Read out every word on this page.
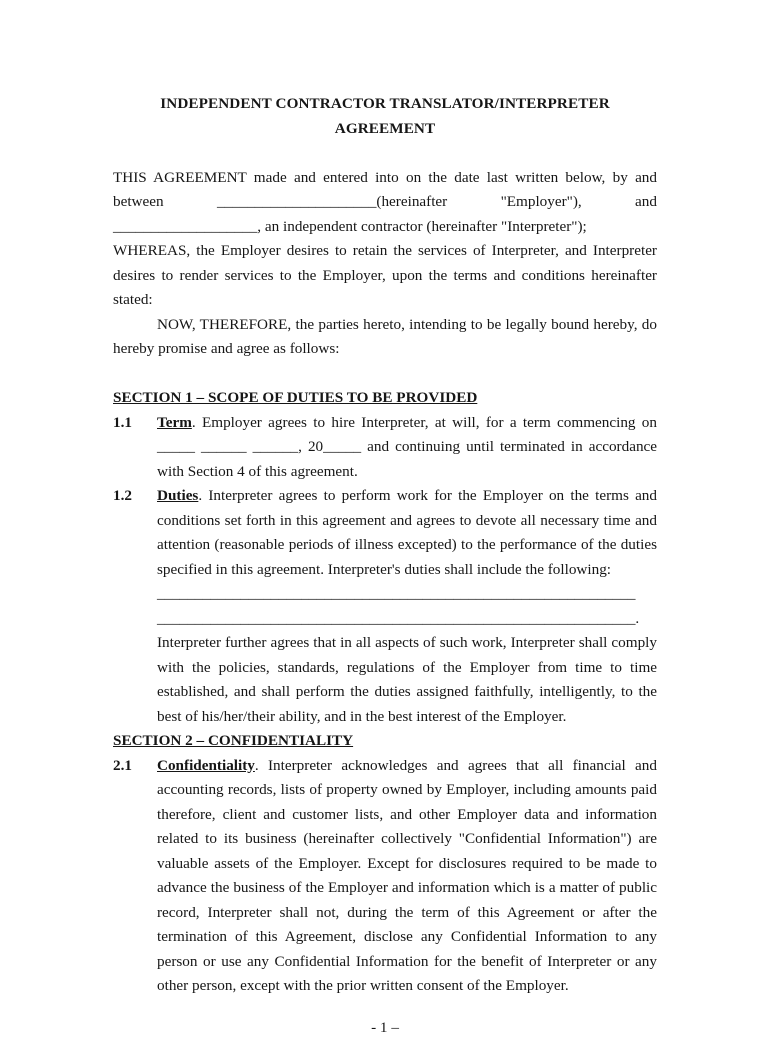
INDEPENDENT CONTRACTOR TRANSLATOR/INTERPRETER AGREEMENT

THIS AGREEMENT made and entered into on the date last written below, by and between _____________________(hereinafter "Employer"), and ___________________, an independent contractor (hereinafter "Interpreter");

WHEREAS, the Employer desires to retain the services of Interpreter, and Interpreter desires to render services to the Employer, upon the terms and conditions hereinafter stated:

NOW, THEREFORE, the parties hereto, intending to be legally bound hereby, do hereby promise and agree as follows:

SECTION 1 – SCOPE OF DUTIES TO BE PROVIDED
1.1 Term. Employer agrees to hire Interpreter, at will, for a term commencing on _____ ______ ______, 20_____ and continuing until terminated in accordance with Section 4 of this agreement.
1.2 Duties. Interpreter agrees to perform work for the Employer on the terms and conditions set forth in this agreement and agrees to devote all necessary time and attention (reasonable periods of illness excepted) to the performance of the duties specified in this agreement. Interpreter's duties shall include the following:
_______________________________________________________________
_______________________________________________________________.
Interpreter further agrees that in all aspects of such work, Interpreter shall comply with the policies, standards, regulations of the Employer from time to time established, and shall perform the duties assigned faithfully, intelligently, to the best of his/her/their ability, and in the best interest of the Employer.
SECTION 2 – CONFIDENTIALITY
2.1 Confidentiality. Interpreter acknowledges and agrees that all financial and accounting records, lists of property owned by Employer, including amounts paid therefore, client and customer lists, and other Employer data and information related to its business (hereinafter collectively "Confidential Information") are valuable assets of the Employer. Except for disclosures required to be made to advance the business of the Employer and information which is a matter of public record, Interpreter shall not, during the term of this Agreement or after the termination of this Agreement, disclose any Confidential Information to any person or use any Confidential Information for the benefit of Interpreter or any other person, except with the prior written consent of the Employer.
- 1 –
